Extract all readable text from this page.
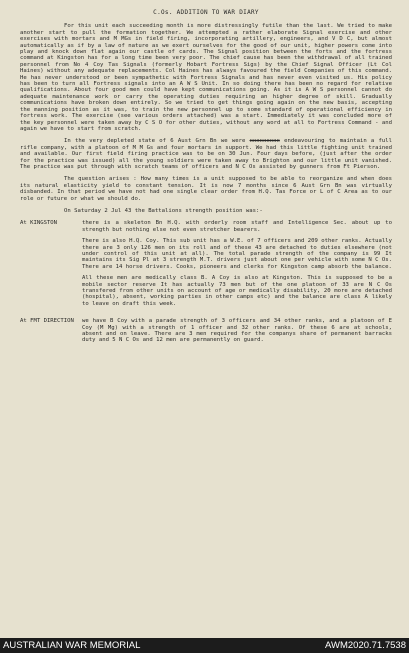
C.Os. ADDITION TO WAR DIARY

For this unit each succeeding month is more distressingly futile than the last. We tried to make another start to pull the formation together. We attempted a rather elaborate Signal exercise and other exercises with mortars and M MGs in field firing, incorporating artillery, engineers, and V D C, but almost automatically as if by a law of nature as we exert ourselves for the good of our unit, higher powers come into play and knock down flat again our castle of cards. The Signal position between the forts and the fortress command at Kingston has for a long time been very poor. The chief cause has been the withdrawal of all trained personnel from No 4 Coy Tas Signals (formerly Hobart Fortress Sigs) by the Chief Signal Officer (Lt Col Haines) without any adequate replacements. Col Haines has always favoured the field Companies of this command. He has never understood or been sympathetic with Fortress Signals and has never even visited us. His policy has been to turn all Fortress signals into an A W S Unit. In so doing there has been no regard for relative qualifications. About four good men could have kept communications going. As it is A W S personnel cannot do adequate maintenance work or carry the operating duties requiring an higher degree of skill. Gradually communications have broken down entirely. So we tried to get things going again on the new basis, accepting the manning position as it was, to train the new personnel up to some standard of operational efficiency in fortress work. The exercise (see various orders attached) was a start. Immediately it was concluded more of the key personnel were taken away by C S O for other duties, without any word at all to Fortress Command - and again we have to start from scratch.

In the very depleted state of 6 Aust Grn Bn we were xxxxxxxxx endeavouring to maintain a full rifle company, with a platoon of M M Gs and four mortars in support. We had this little fighting unit trained and available. Our first field firing practice was to be on 30 Jun. Four days before, (just after the order for the practice was issued) all the young soldiers were taken away to Brighton and our little unit vanished. The practice was put through with scratch teams of officers and N C Os assisted by gunners from Ft Pierson.

The question arises : How many times is a unit supposed to be able to reorganize and when does its natural elasticity yield to constant tension. It is now 7 months since 6 Aust Grn Bn was virtually disbanded. In that period we have not had one single clear order from H.Q. Tas Force or L of C Area as to our role or future or what we should do.

On Saturday 2 Jul 43 the Battalions strength position was:-

At KINGSTON	there is a skeleton Bn H.Q. with orderly room staff and Intelligence Sec. about up to strength but nothing else not even stretcher bearers.

There is also H.Q. Coy. This sub unit has a W.E. of 7 officers and 209 other ranks. Actually there are 3 only 126 men on its roll and of these 43 are detached to duties elsewhere (not under control of this unit at all). The total parade strength of the company is 99 It maintains its Sig Pl at 3 strength M.T. drivers just about one per vehicle with some N C Os. There are 14 horse drivers. Cooks, pioneers and clerks for Kingston camp absorb the balance.

All these men are medically class B. A Coy is also at Kingston. This is supposed to be a mobile sector reserve It has actually 73 men but of the one platoon of 33 are N C Os transfered from other units on account of age or medically disability, 20 more are detached (hospital), absent, working parties in other camps etc) and the balance are class A likely to leave on draft this week.

At FMT DIRECTION	we have B Coy with a parade strength of 3 officers and 34 other ranks, and a platoon of E Coy (M Mg) with a strength of 1 officer and 32 other ranks. Of these 6 are at schools, absent and on leave. There are 3 men required for the companys share of permanent barracks duty and 5 N C Os and 12 men are permanently on guard.

AUSTRALIAN WAR MEMORIAL	AWM2020.71.7538
